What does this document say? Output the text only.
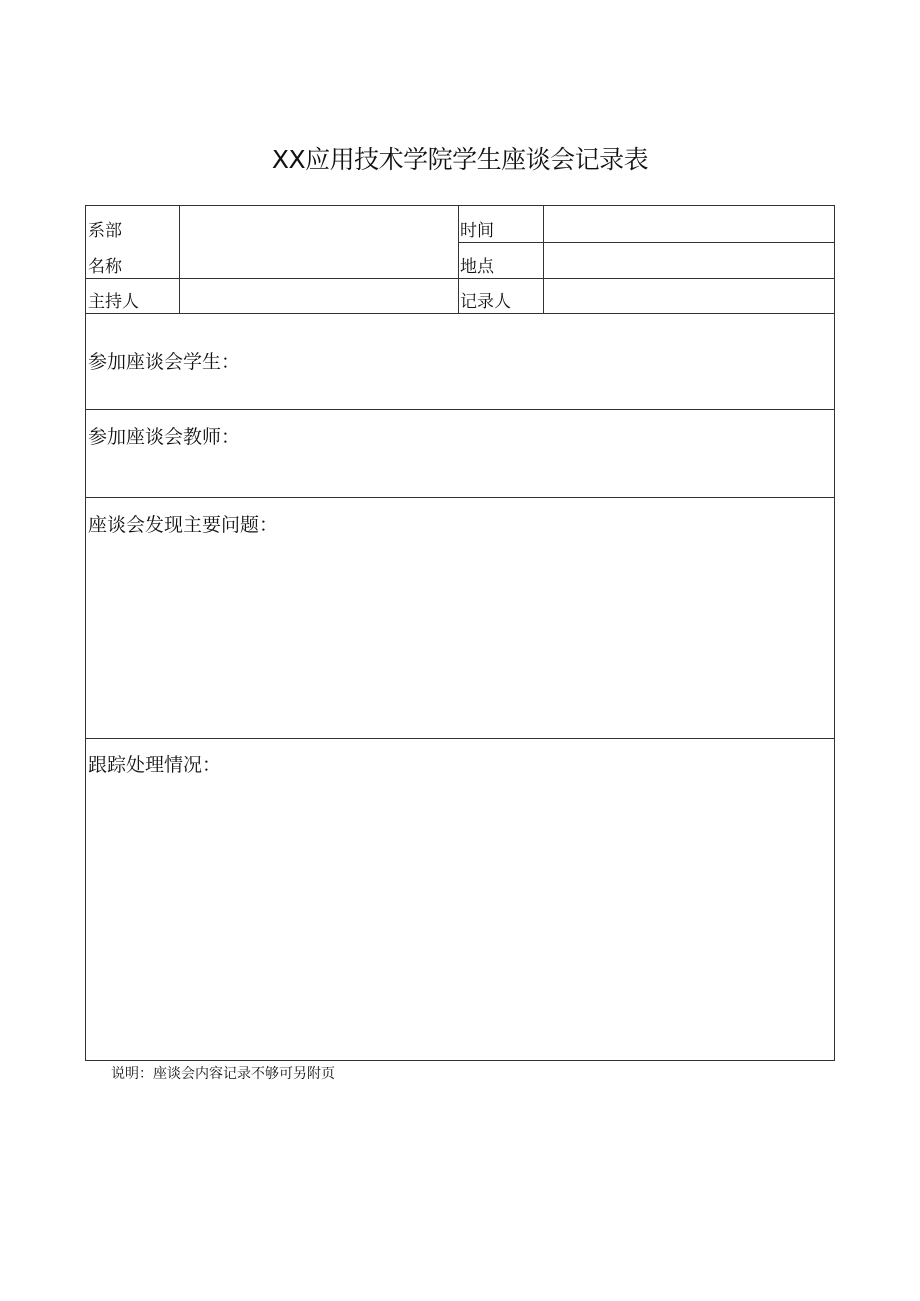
XX应用技术学院学生座谈会记录表
系部
名称
时间
地点
主持人	记录人
参加座谈会学生：
参加座谈会教师：
座谈会发现主要问题：
跟踪处理情况：
说明：座谈会内容记录不够可另附页
